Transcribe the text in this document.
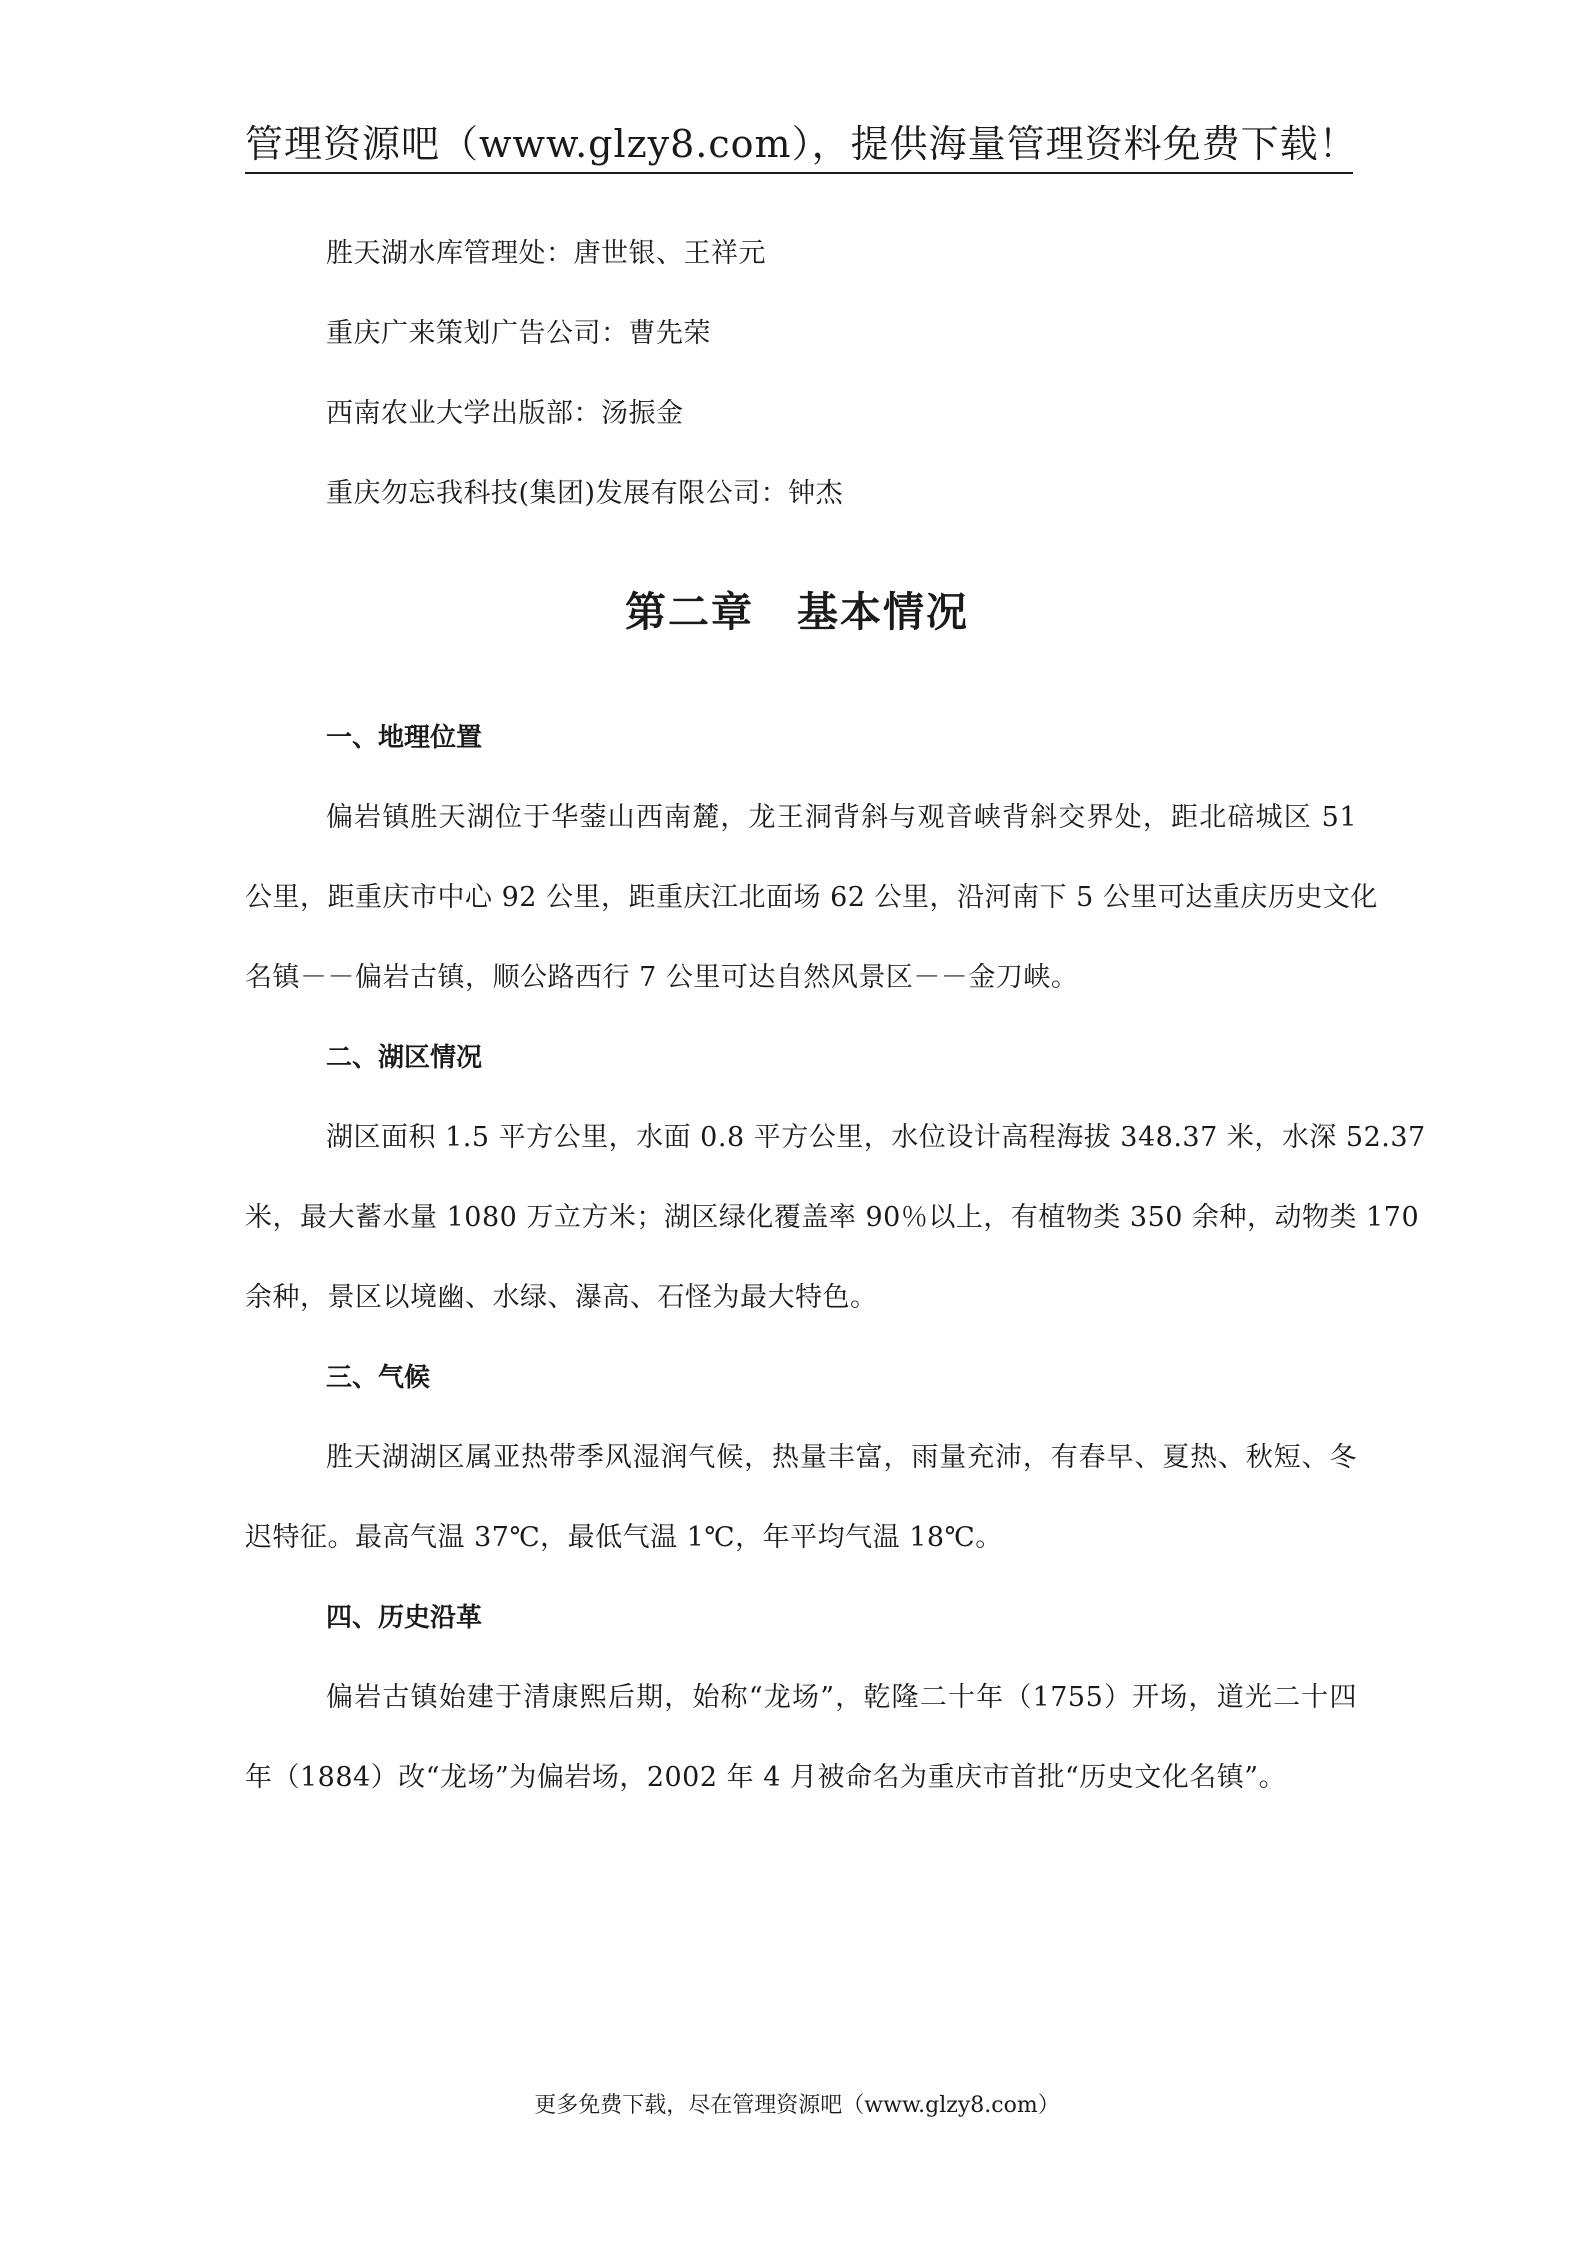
管理资源吧（www.glzy8.com），提供海量管理资料免费下载！
胜天湖水库管理处：唐世银、王祥元
重庆广来策划广告公司：曹先荣
西南农业大学出版部：汤振金
重庆勿忘我科技(集团)发展有限公司：钟杰
第二章　基本情况
一、地理位置
偏岩镇胜天湖位于华蓥山西南麓，龙王洞背斜与观音峡背斜交界处，距北碚城区 51
公里，距重庆市中心 92 公里，距重庆江北面场 62 公里，沿河南下 5 公里可达重庆历史文化
名镇－－偏岩古镇，顺公路西行 7 公里可达自然风景区－－金刀峡。
二、湖区情况
湖区面积 1.5 平方公里，水面 0.8 平方公里，水位设计高程海拔 348.37 米，水深 52.37
米，最大蓄水量 1080 万立方米；湖区绿化覆盖率 90％以上，有植物类 350 余种，动物类 170
余种，景区以境幽、水绿、瀑高、石怪为最大特色。
三、气候
胜天湖湖区属亚热带季风湿润气候，热量丰富，雨量充沛，有春早、夏热、秋短、冬
迟特征。最高气温 37℃，最低气温 1℃，年平均气温 18℃。
四、历史沿革
偏岩古镇始建于清康熙后期，始称“龙场”，乾隆二十年（1755）开场，道光二十四
年（1884）改“龙场”为偏岩场，2002 年 4 月被命名为重庆市首批“历史文化名镇”。
更多免费下载，尽在管理资源吧（www.glzy8.com）
